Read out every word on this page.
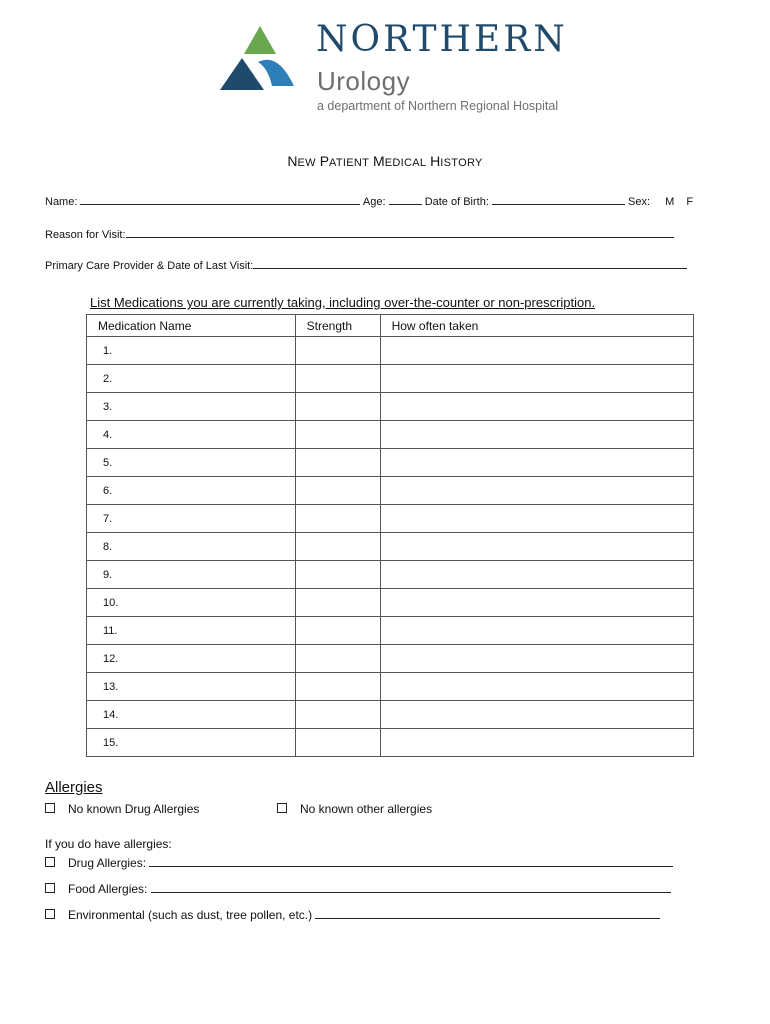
NORTHERN
Urology
a department of Northern Regional Hospital
NEW PATIENT MEDICAL HISTORY
Name:	Age:	Date of Birth:	Sex: M F
Reason for Visit:
Primary Care Provider & Date of Last Visit:
List Medications you are currently taking, including over-the-counter or non-prescription.
Medication Name	Strength	How often taken
1.		
2.		
3.		
4.		
5.		
6.		
7.		
8.		
9.		
10.		
11.		
12.		
13.		
14.		
15.		
Allergies
No known Drug Allergies	No known other allergies
If you do have allergies:
Drug Allergies:
Food Allergies:
Environmental (such as dust, tree pollen, etc.)
